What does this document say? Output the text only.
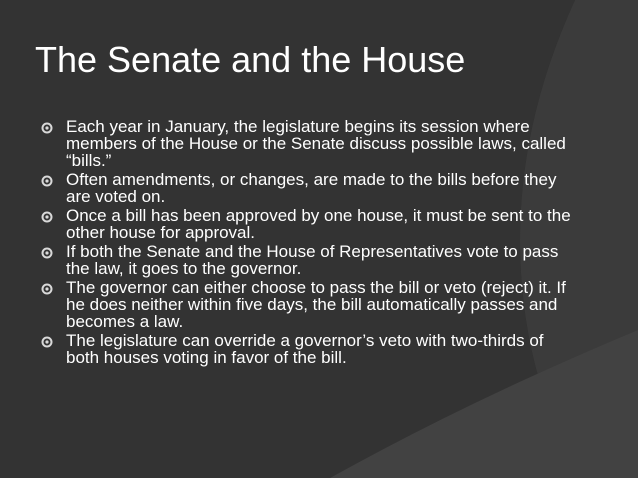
The Senate and the House
Each year in January, the legislature begins its session where members of the House or the Senate discuss possible laws, called “bills.”
Often amendments, or changes, are made to the bills before they are voted on.
Once a bill has been approved by one house, it must be sent to the other house for approval.
If both the Senate and the House of Representatives vote to pass the law, it goes to the governor.
The governor can either choose to pass the bill or veto (reject) it. If he does neither within five days, the bill automatically passes and becomes a law.
The legislature can override a governor’s veto with two-thirds of both houses voting in favor of the bill.
